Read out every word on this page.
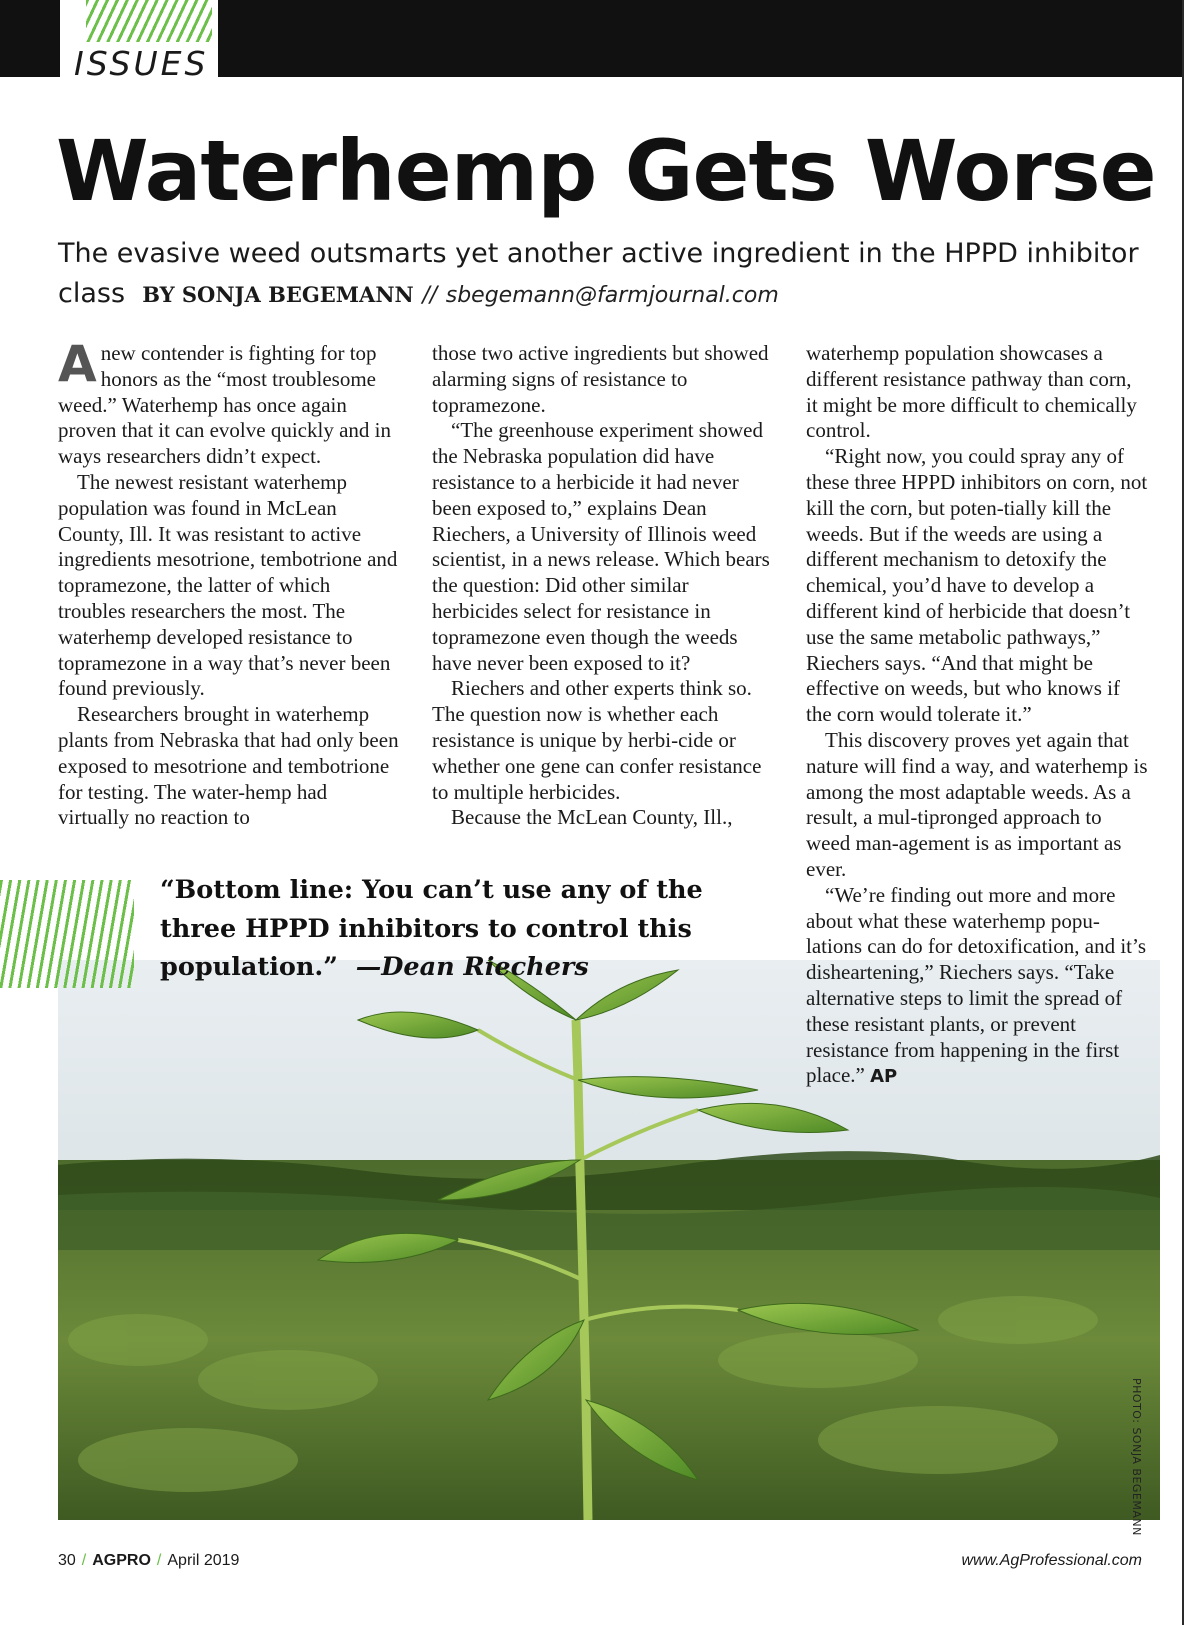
ISSUES
Waterhemp Gets Worse
The evasive weed outsmarts yet another active ingredient in the HPPD inhibitor class BY SONJA BEGEMANN // sbegemann@farmjournal.com

Anew contender is fighting for top honors as the “most troublesome weed.” Waterhemp has once again proven that it can evolve quickly and in ways researchers didn’t expect.

The newest resistant waterhemp population was found in McLean County, Ill. It was resistant to active ingredients mesotrione, tembotrione and topramezone, the latter of which troubles researchers the most. The waterhemp developed resistance to topramezone in a way that’s never been found previously.

Researchers brought in waterhemp plants from Nebraska that had only been exposed to mesotrione and tembotrione for testing. The water-hemp had virtually no reaction to

those two active ingredients but showed alarming signs of resistance to topramezone.

“The greenhouse experiment showed the Nebraska population did have resistance to a herbicide it had never been exposed to,” explains Dean Riechers, a University of Illinois weed scientist, in a news release. Which bears the question: Did other similar herbicides select for resistance in topramezone even though the weeds have never been exposed to it?

Riechers and other experts think so. The question now is whether each resistance is unique by herbi-cide or whether one gene can confer resistance to multiple herbicides.

Because the McLean County, Ill.,

waterhemp population showcases a different resistance pathway than corn, it might be more difficult to chemically control.

“Right now, you could spray any of these three HPPD inhibitors on corn, not kill the corn, but poten-tially kill the weeds. But if the weeds are using a different mechanism to detoxify the chemical, you’d have to develop a different kind of herbicide that doesn’t use the same metabolic pathways,” Riechers says. “And that might be effective on weeds, but who knows if the corn would tolerate it.”

This discovery proves yet again that nature will find a way, and waterhemp is among the most adaptable weeds. As a result, a mul-tipronged approach to weed man-agement is as important as ever.

“We’re finding out more and more about what these waterhemp popu-lations can do for detoxification, and it’s disheartening,” Riechers says. “Take alternative steps to limit the spread of these resistant plants, or prevent resistance from happening in the first place.” AP

“Bottom line: You can’t use any of the three HPPD inhibitors to control this population.” —Dean Riechers
PHOTO: SONJA BEGEMANN
30 / AGPRO / April 2019	www.AgProfessional.com
